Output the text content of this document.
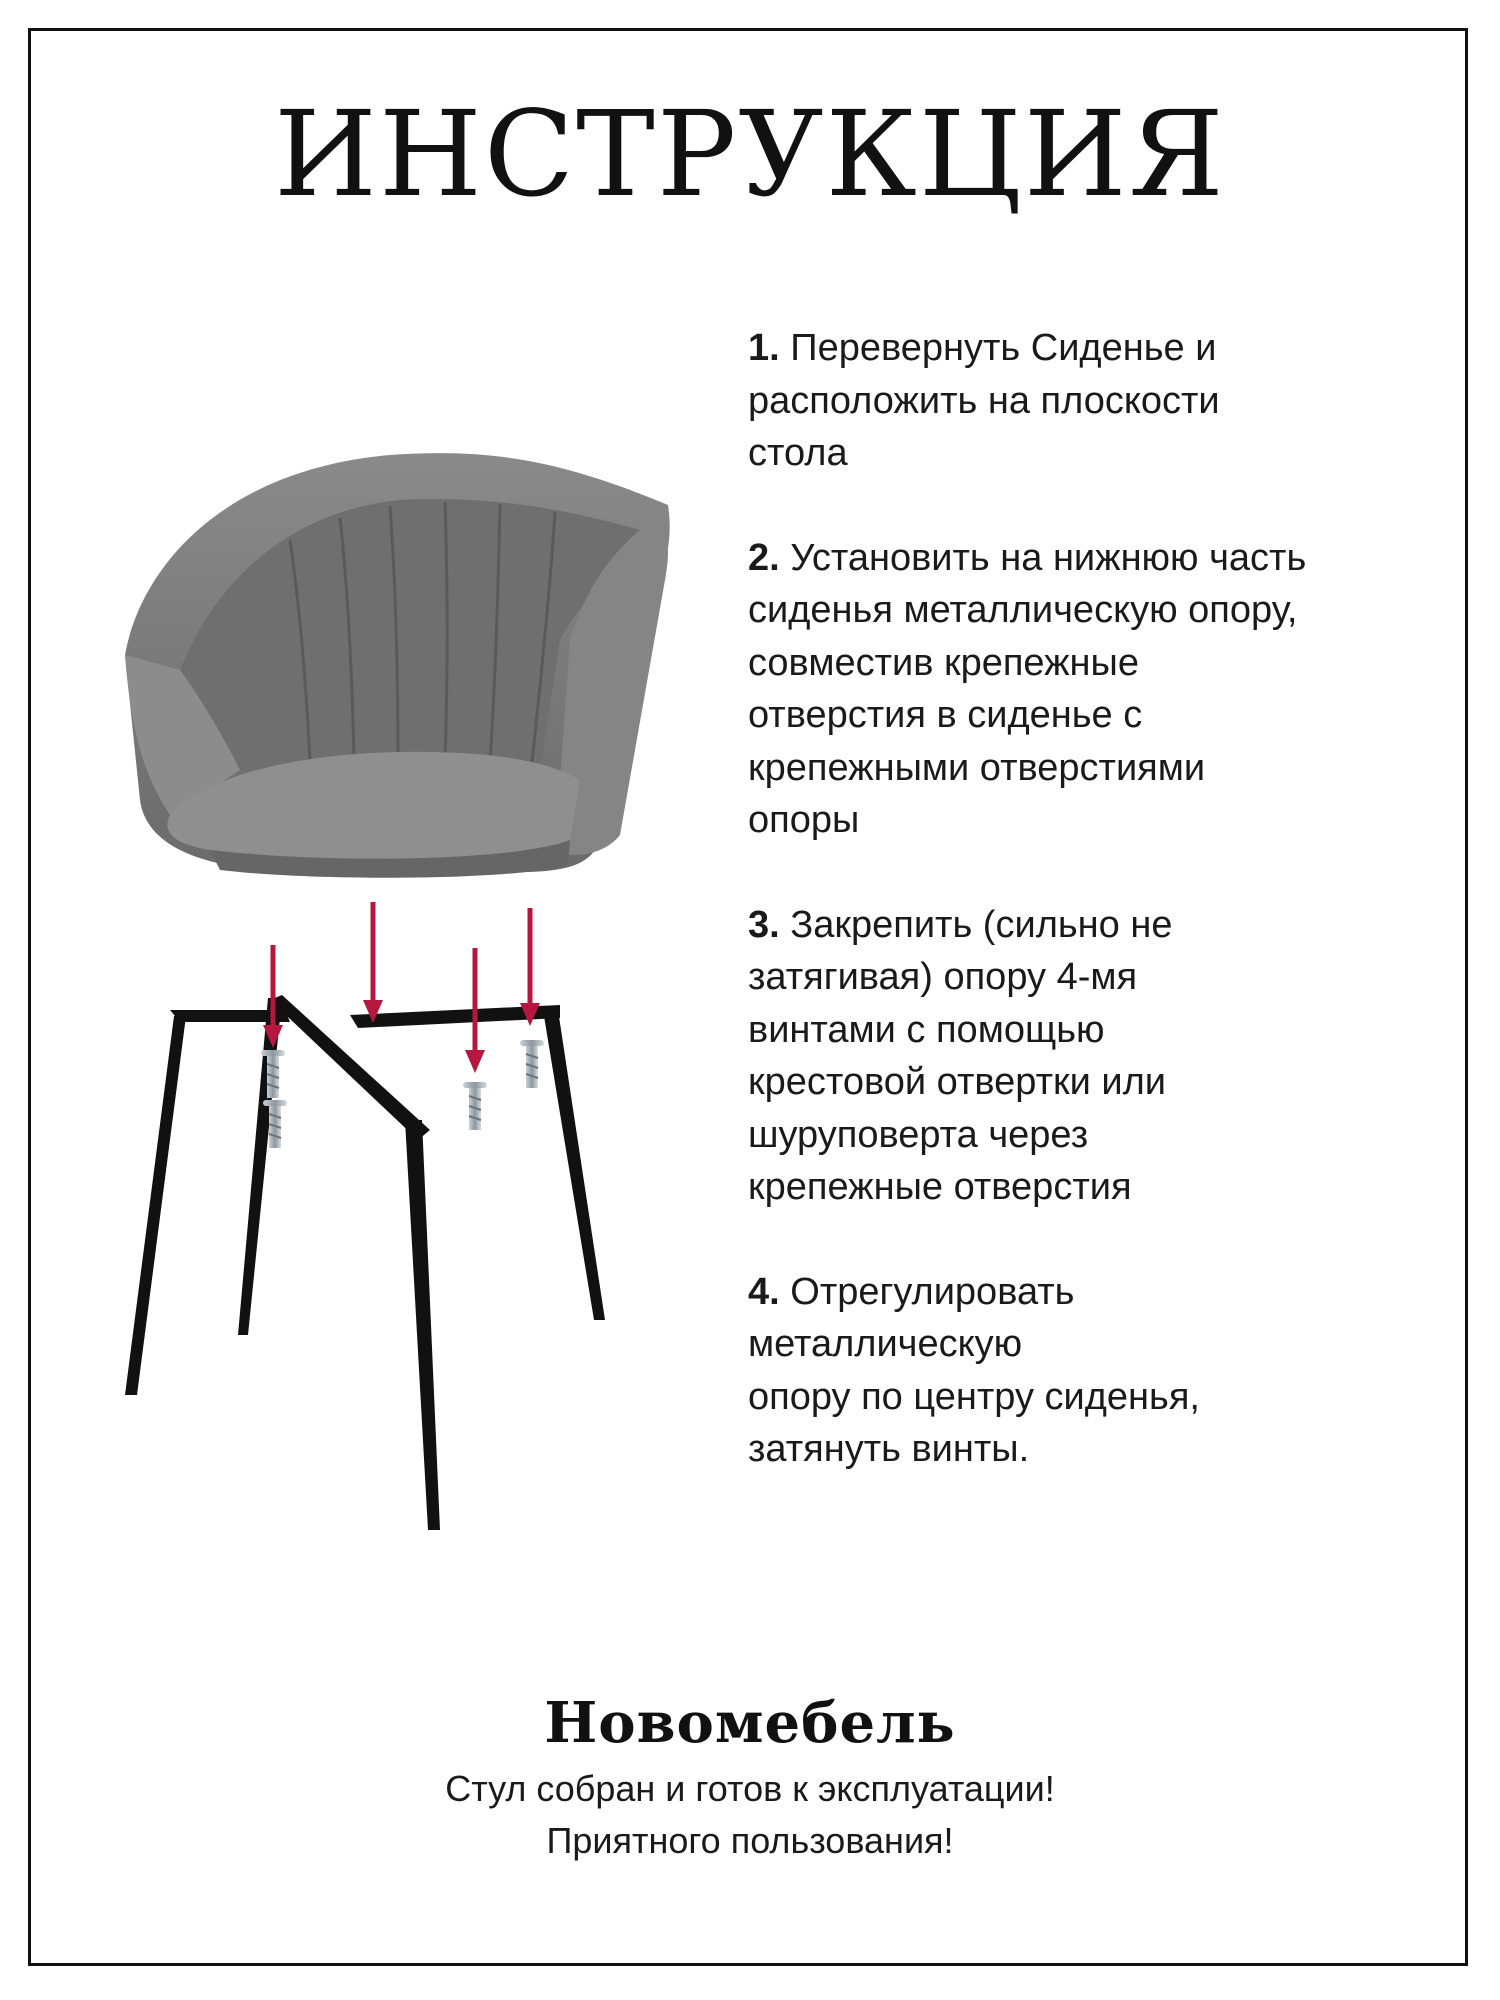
ИНСТРУКЦИЯ
1. Перевернуть Сиденье и
расположить на плоскости
стола
2. Установить на нижнюю часть
сиденья металлическую опору,
совместив крепежные
отверстия в сиденье с
крепежными отверстиями
опоры
3. Закрепить (сильно не
затягивая) опору 4-мя
винтами с помощью
крестовой отвертки или
шуруповерта через
крепежные отверстия
4. Отрегулировать
металлическую
опору по центру сиденья,
затянуть винты.
Новомебель
Стул собран и готов к эксплуатации!
Приятного пользования!
